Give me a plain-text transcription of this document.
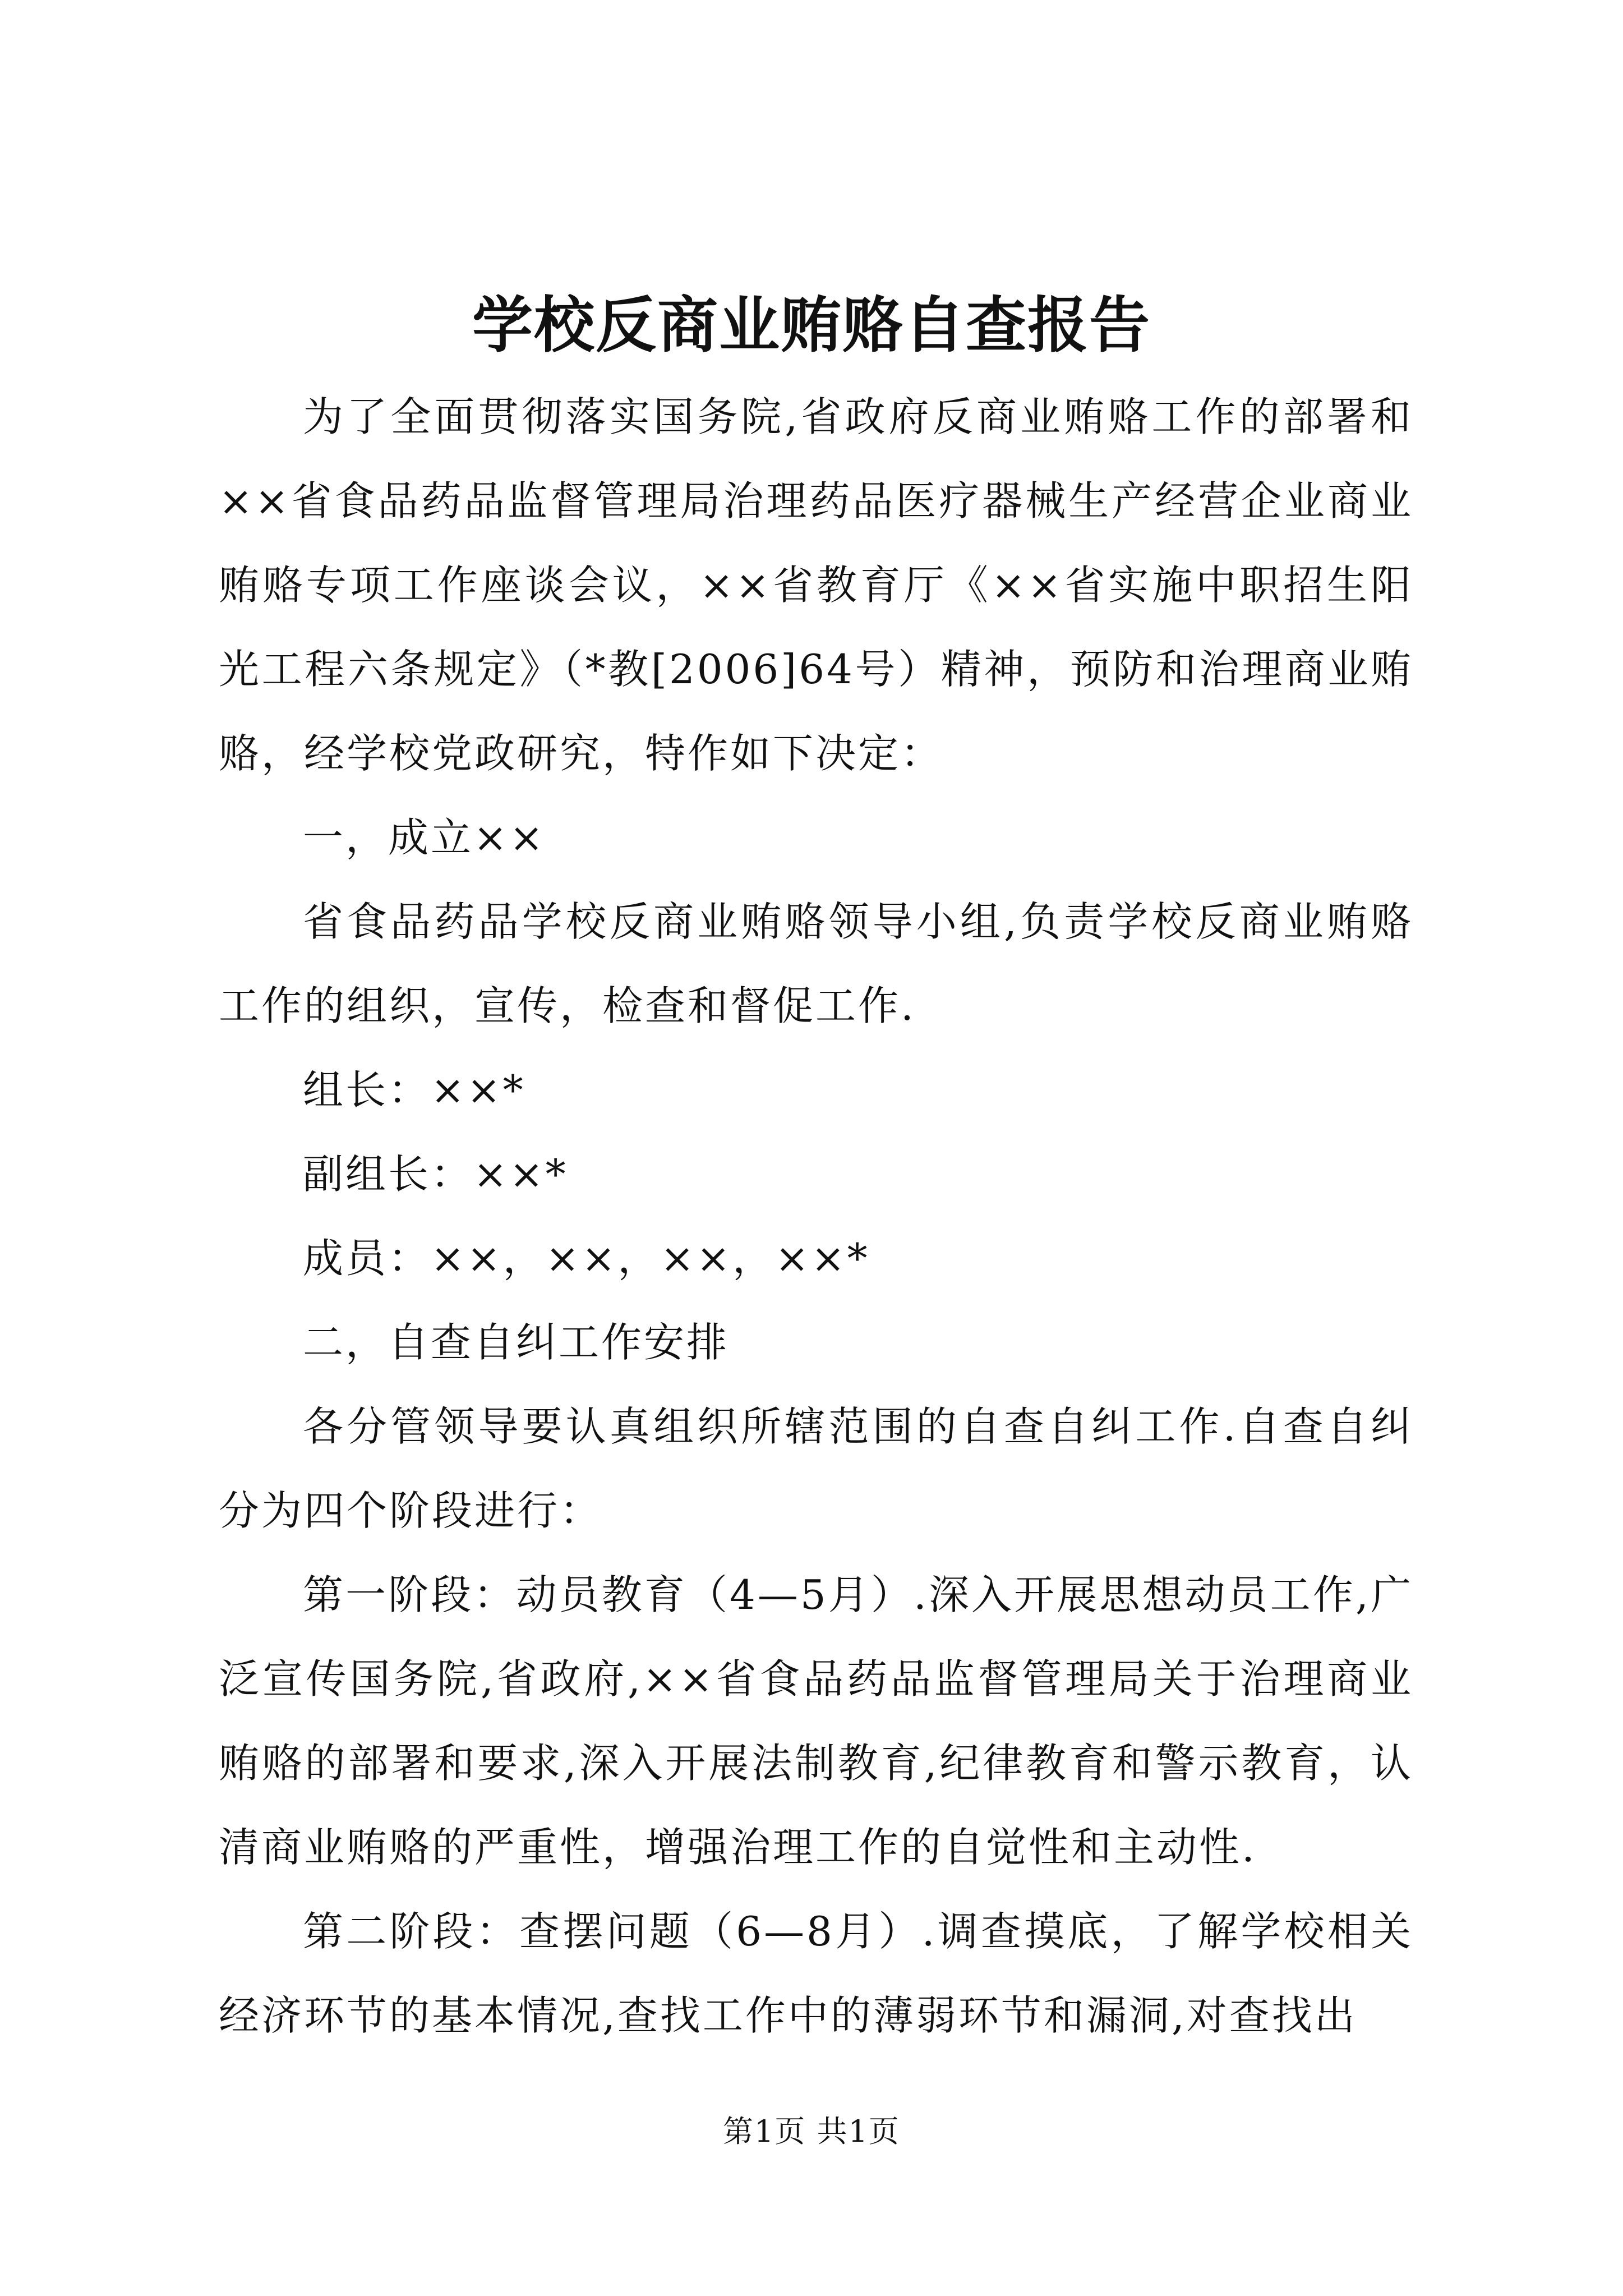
学校反商业贿赂自查报告

为了全面贯彻落实国务院,省政府反商业贿赂工作的部署和××省食品药品监督管理局治理药品医疗器械生产经营企业商业贿赂专项工作座谈会议，××省教育厅《××省实施中职招生阳光工程六条规定》（*教[2006]64号）精神，预防和治理商业贿赂，经学校党政研究，特作如下决定：

一，成立××

省食品药品学校反商业贿赂领导小组,负责学校反商业贿赂工作的组织，宣传，检查和督促工作.

组长：××*

副组长：××*

成员：××，××，××，××*

二，自查自纠工作安排

各分管领导要认真组织所辖范围的自查自纠工作.自查自纠分为四个阶段进行：

第一阶段：动员教育（4—5月）.深入开展思想动员工作,广泛宣传国务院,省政府,××省食品药品监督管理局关于治理商业贿赂的部署和要求,深入开展法制教育,纪律教育和警示教育，认清商业贿赂的严重性，增强治理工作的自觉性和主动性.

第二阶段：查摆问题（6—8月）.调查摸底，了解学校相关经济环节的基本情况,查找工作中的薄弱环节和漏洞,对查找出

第1页 共1页
